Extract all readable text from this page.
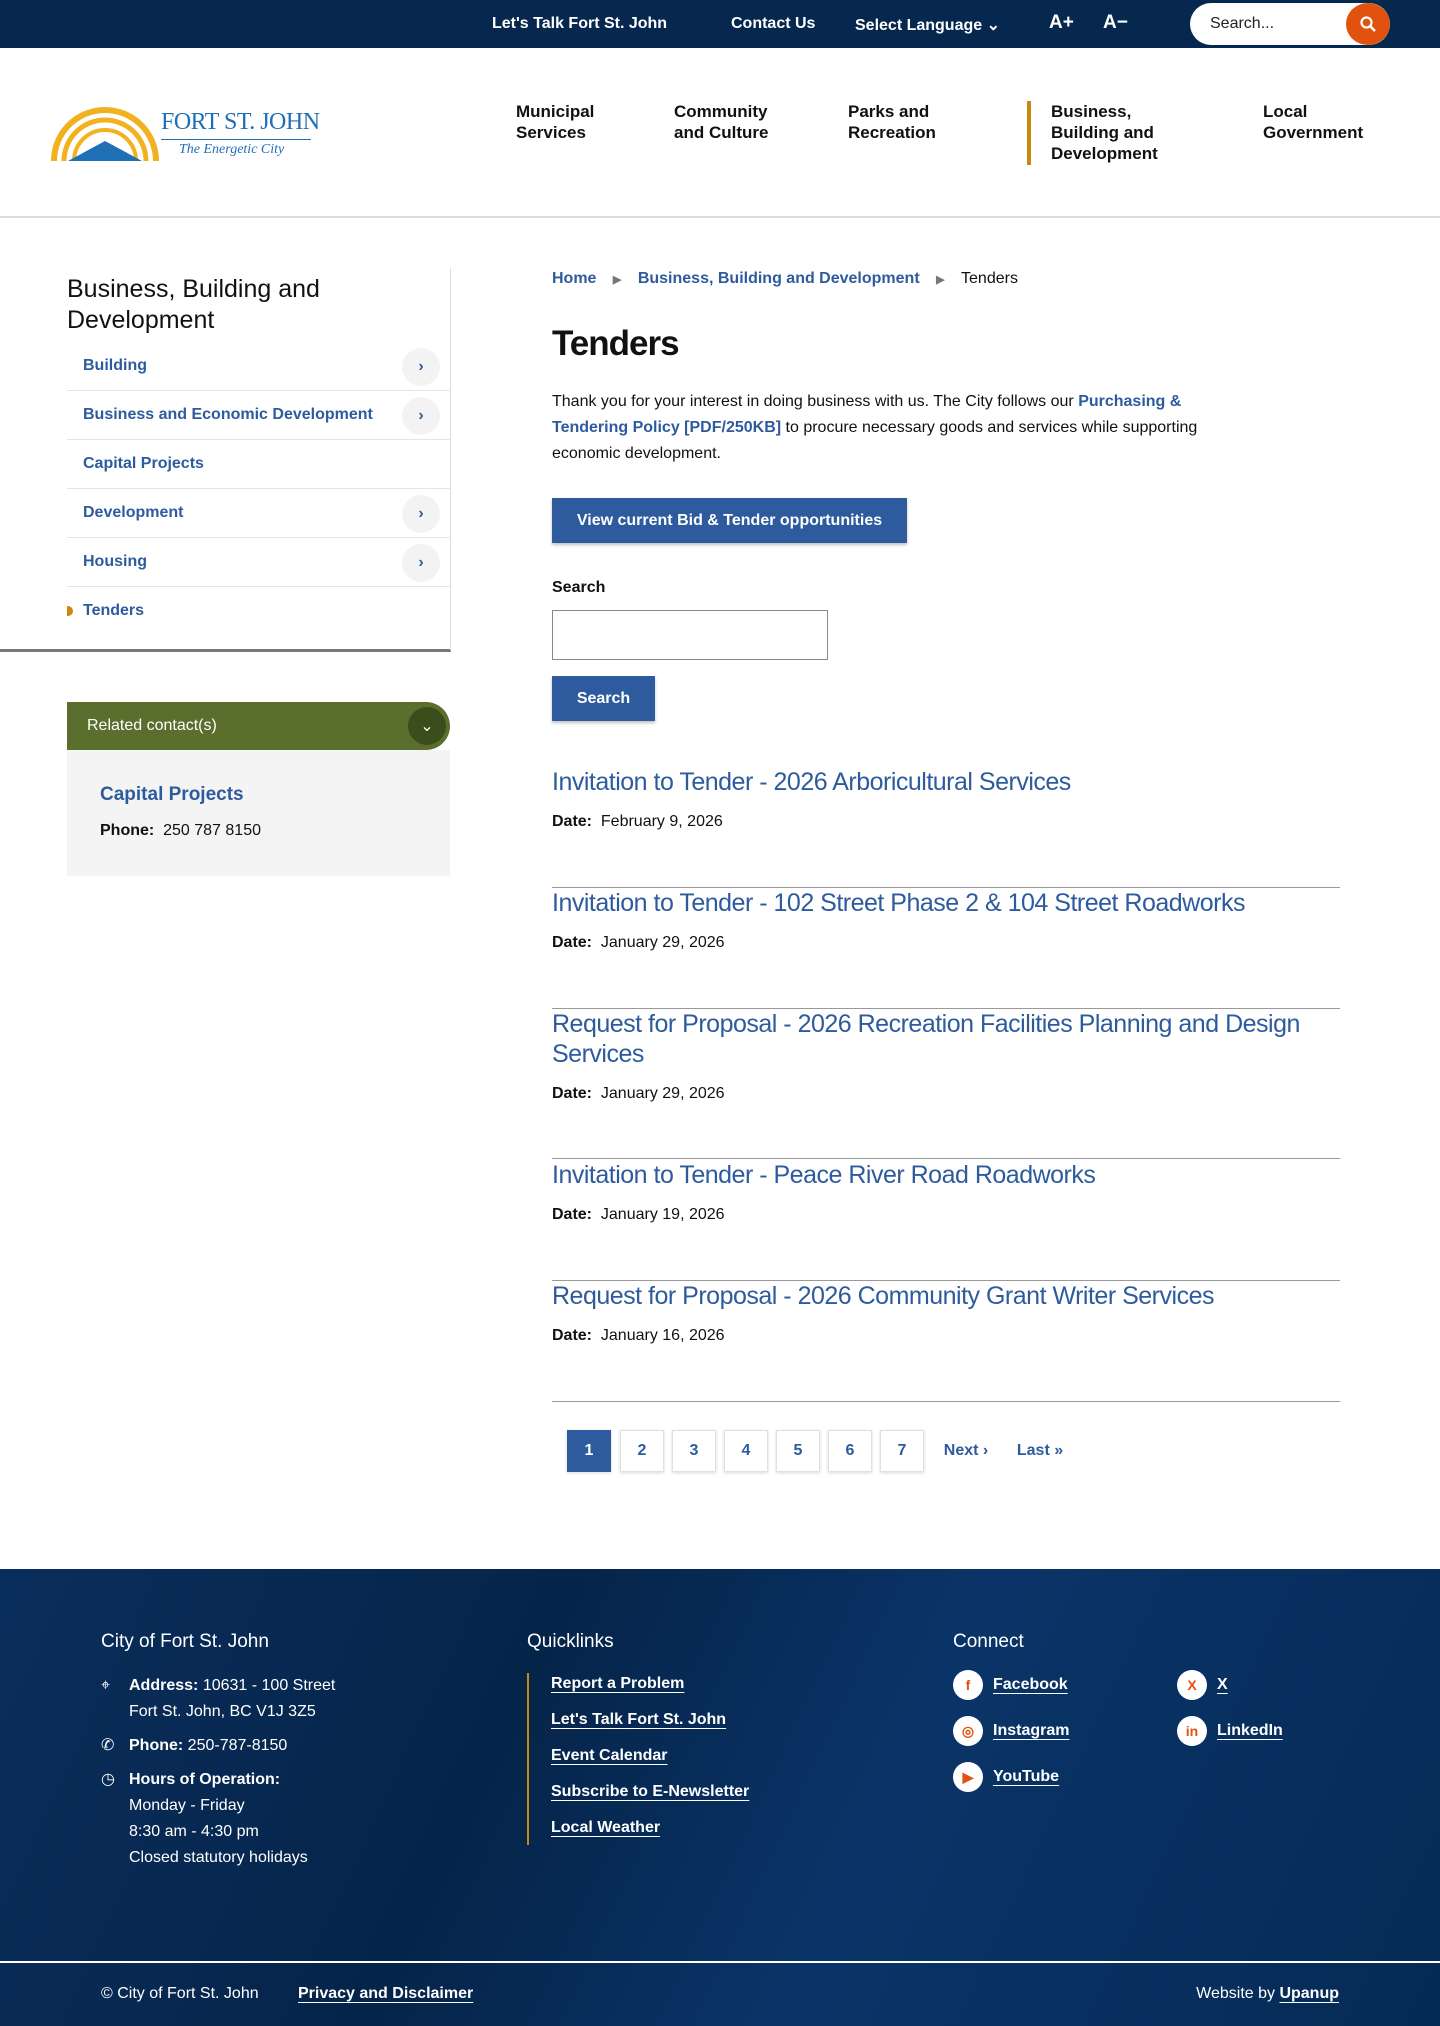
Let's Talk Fort St. John	Contact Us Select Language ⌄	A+ A−	Search...
FORT ST. JOHN
The Energetic City
Municipal Services
Community and Culture
Parks and Recreation
Business, Building and Development
Local Government
Business, Building and Development
Building	›
Business and Economic Development	›
Capital Projects
Development	›
Housing	›
Tenders
Related contact(s)	⌄
Capital Projects
Phone: 250 787 8150
Home ▶ Business, Building and Development ▶ Tenders
Tenders

Thank you for your interest in doing business with us. The City follows our Purchasing & Tendering Policy [PDF/250KB] to procure necessary goods and services while supporting economic development.

View current Bid & Tender opportunities
Search
Search
Invitation to Tender - 2026 Arboricultural Services
Date: February 9, 2026
Invitation to Tender - 102 Street Phase 2 & 104 Street Roadworks
Date: January 29, 2026
Request for Proposal - 2026 Recreation Facilities Planning and Design Services
Date: January 29, 2026
Invitation to Tender - Peace River Road Roadworks
Date: January 19, 2026
Request for Proposal - 2026 Community Grant Writer Services
Date: January 16, 2026
1	2	3	4	5	6	7	Next ›	Last »
City of Fort St. John
⌖	Address: 10631 - 100 Street
Fort St. John, BC V1J 3Z5
✆ Phone: 250-787-8150
◷ Hours of Operation:
Monday - Friday
8:30 am - 4:30 pm
Closed statutory holidays
Quicklinks
Report a Problem
Let's Talk Fort St. John
Event Calendar
Subscribe to E-Newsletter
Local Weather
Connect
f	Facebook	X	X
◎	Instagram	in	LinkedIn
▶	YouTube
© City of Fort St. John Privacy and Disclaimer	Website by Upanup
